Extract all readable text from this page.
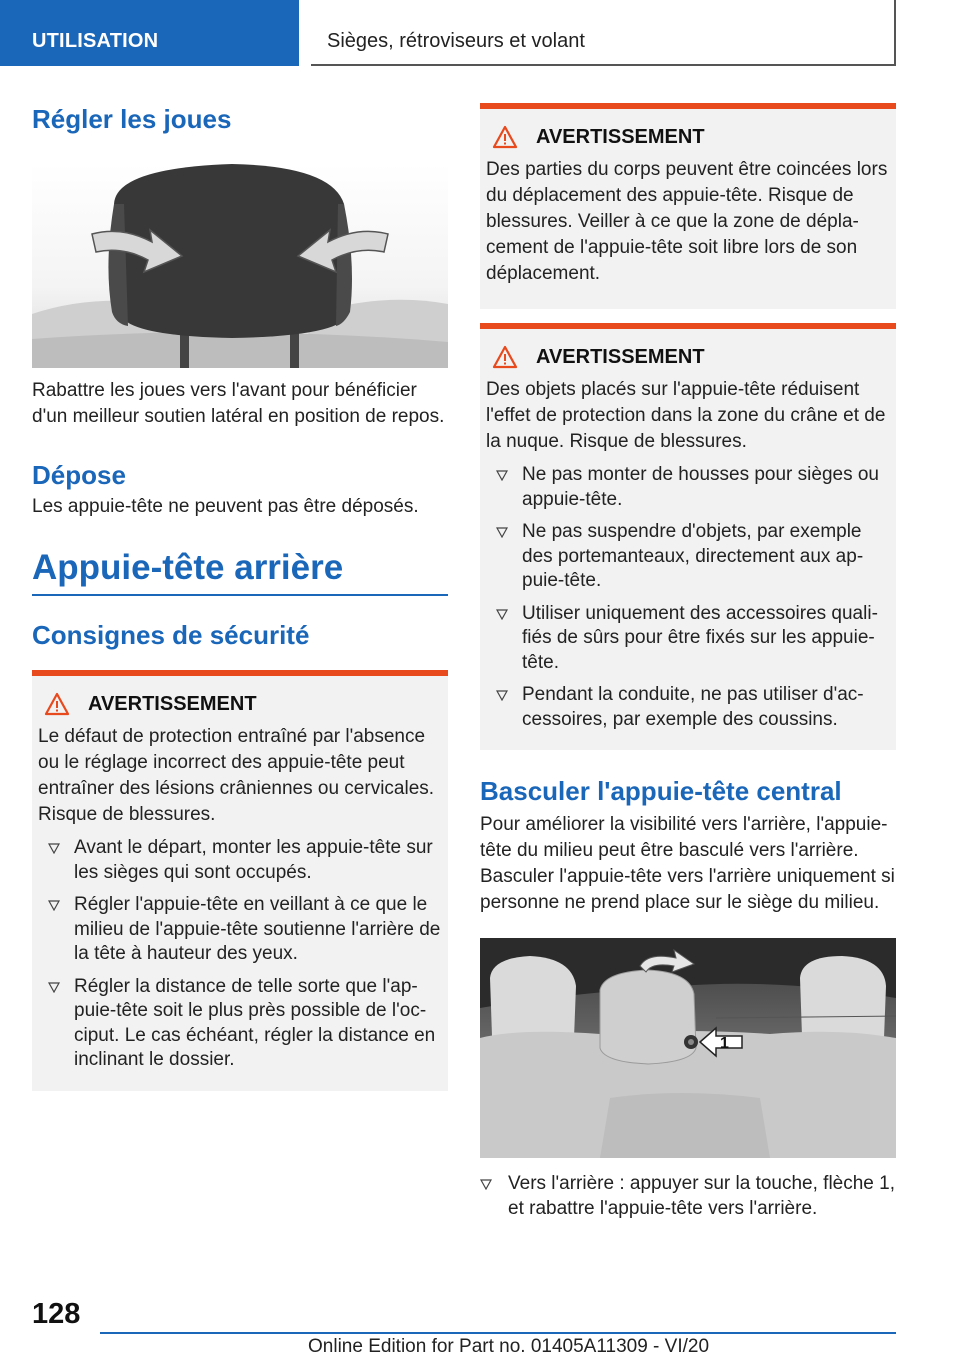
UTILISATION	Sièges, rétroviseurs et volant
Régler les joues

Rabattre les joues vers l'avant pour bénéficier d'un meilleur soutien latéral en position de repos.

Dépose

Les appuie-tête ne peuvent pas être déposés.

Appuie-tête arrière
Consignes de sécurité
AVERTISSEMENT

Le défaut de protection entraîné par l'absence ou le réglage incorrect des appuie-tête peut entraîner des lésions crâniennes ou cervicales. Risque de blessures.

Avant le départ, monter les appuie-tête sur les sièges qui sont occupés.
Régler l'appuie-tête en veillant à ce que le milieu de l'appuie-tête soutienne l'arrière de la tête à hauteur des yeux.
Régler la distance de telle sorte que l'appuie-tête soit le plus près possible de l'occiput. Le cas échéant, régler la distance en inclinant le dossier.
AVERTISSEMENT

Des parties du corps peuvent être coincées lors du déplacement des appuie-tête. Risque de blessures. Veiller à ce que la zone de déplacement de l'appuie-tête soit libre lors de son déplacement.

AVERTISSEMENT

Des objets placés sur l'appuie-tête réduisent l'effet de protection dans la zone du crâne et de la nuque. Risque de blessures.

Ne pas monter de housses pour sièges ou appuie-tête.
Ne pas suspendre d'objets, par exemple des portemanteaux, directement aux appuie-tête.
Utiliser uniquement des accessoires qualifiés de sûrs pour être fixés sur les appuie-tête.
Pendant la conduite, ne pas utiliser d'accessoires, par exemple des coussins.
Basculer l'appuie-tête central

Pour améliorer la visibilité vers l'arrière, l'appuie-tête du milieu peut être basculé vers l'arrière. Basculer l'appuie-tête vers l'arrière uniquement si personne ne prend place sur le siège du milieu.

1
Vers l'arrière : appuyer sur la touche, flèche 1, et rabattre l'appuie-tête vers l'arrière.
128
Online Edition for Part no. 01405A11309 - VI/20
